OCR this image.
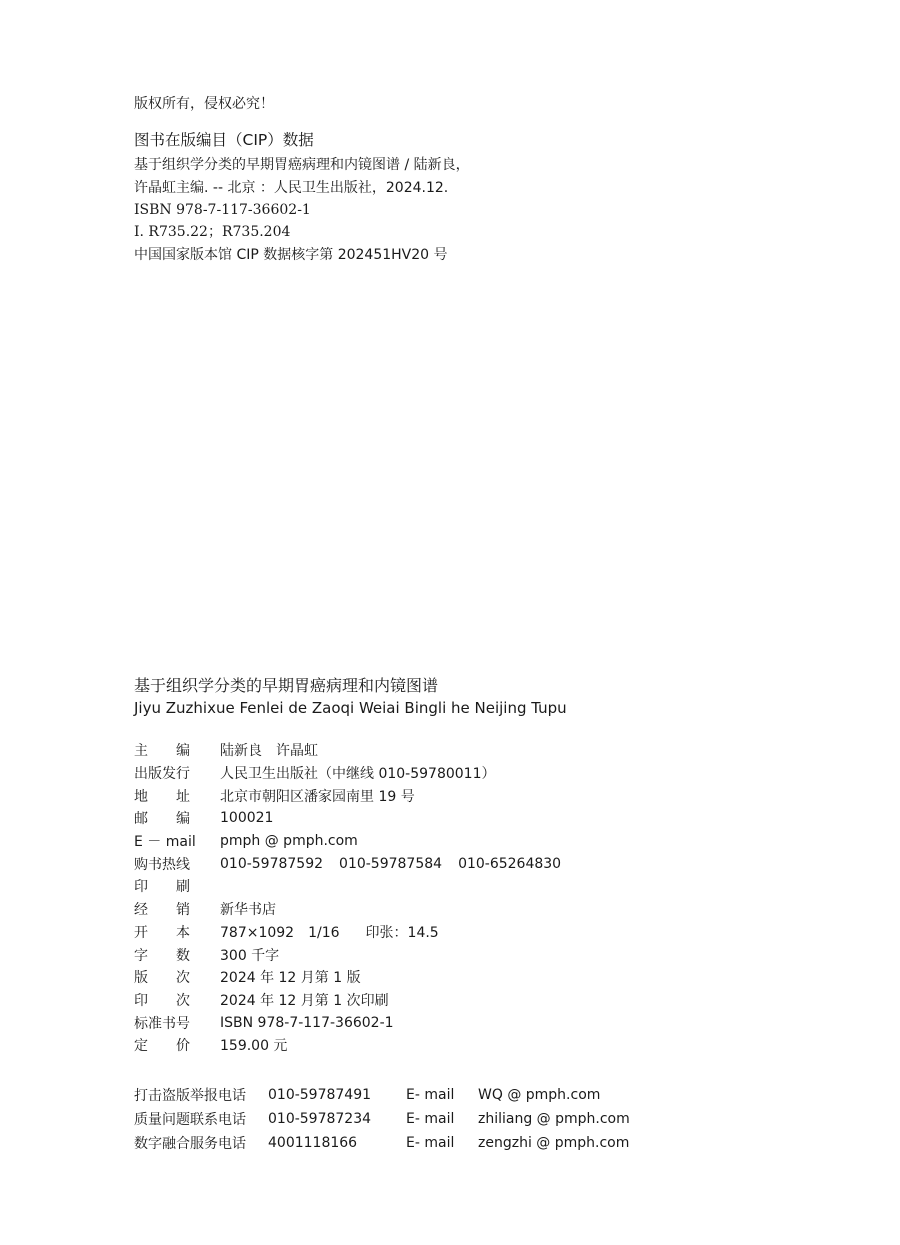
版权所有，侵权必究！
图书在版编目（CIP）数据
基于组织学分类的早期胃癌病理和内镜图谱 / 陆新良，
许晶虹主编. -- 北京 ：人民卫生出版社，2024.12.
ISBN 978-7-117-36602-1
Ⅰ. R735.22；R735.204
中国国家版本馆 CIP 数据核字第 202451HV20 号
基于组织学分类的早期胃癌病理和内镜图谱
Jiyu Zuzhixue Fenlei de Zaoqi Weiai Bingli he Neijing Tupu
主　　编	陆新良　许晶虹
出版发行	人民卫生出版社（中继线 010-59780011）
地　　址	北京市朝阳区潘家园南里 19 号
邮　　编	100021
E － mail	pmph @ pmph.com
购书热线	010-59787592 010-59787584 010-65264830
印　　刷
经　　销	新华书店
开　　本	787×1092　1/16 印张：14.5
字　　数	300 千字
版　　次	2024 年 12 月第 1 版
印　　次	2024 年 12 月第 1 次印刷
标准书号	ISBN 978-7-117-36602-1
定　　价	159.00 元
打击盗版举报电话	010-59787491	E- mail	WQ @ pmph.com
质量问题联系电话	010-59787234	E- mail	zhiliang @ pmph.com
数字融合服务电话	4001118166	E- mail	zengzhi @ pmph.com
